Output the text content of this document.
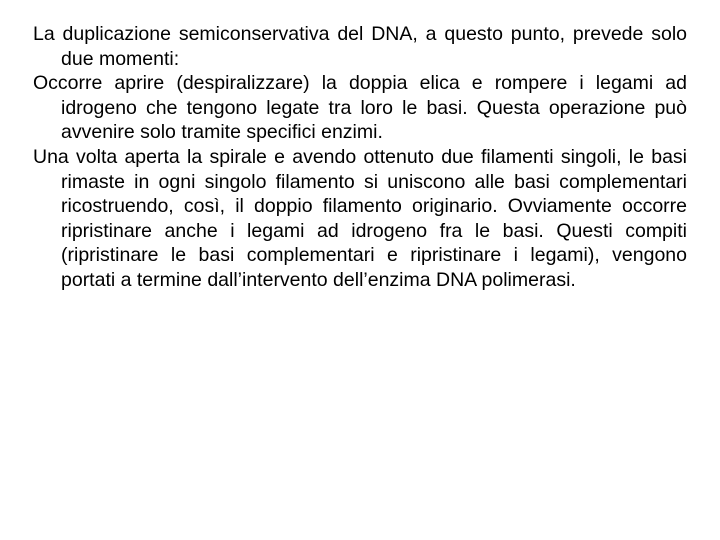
La duplicazione semiconservativa del DNA, a questo punto, prevede solo due momenti:

Occorre aprire (despiralizzare) la doppia elica e rompere i legami ad idrogeno che tengono legate tra loro le basi. Questa operazione può avvenire solo tramite specifici enzimi.

Una volta aperta la spirale e avendo ottenuto due filamenti singoli, le basi rimaste in ogni singolo filamento si uniscono alle basi complementari ricostruendo, così, il doppio filamento originario. Ovviamente occorre ripristinare anche i legami ad idrogeno fra le basi. Questi compiti (ripristinare le basi complementari e ripristinare i legami), vengono portati a termine dall’intervento dell’enzima DNA polimerasi.
